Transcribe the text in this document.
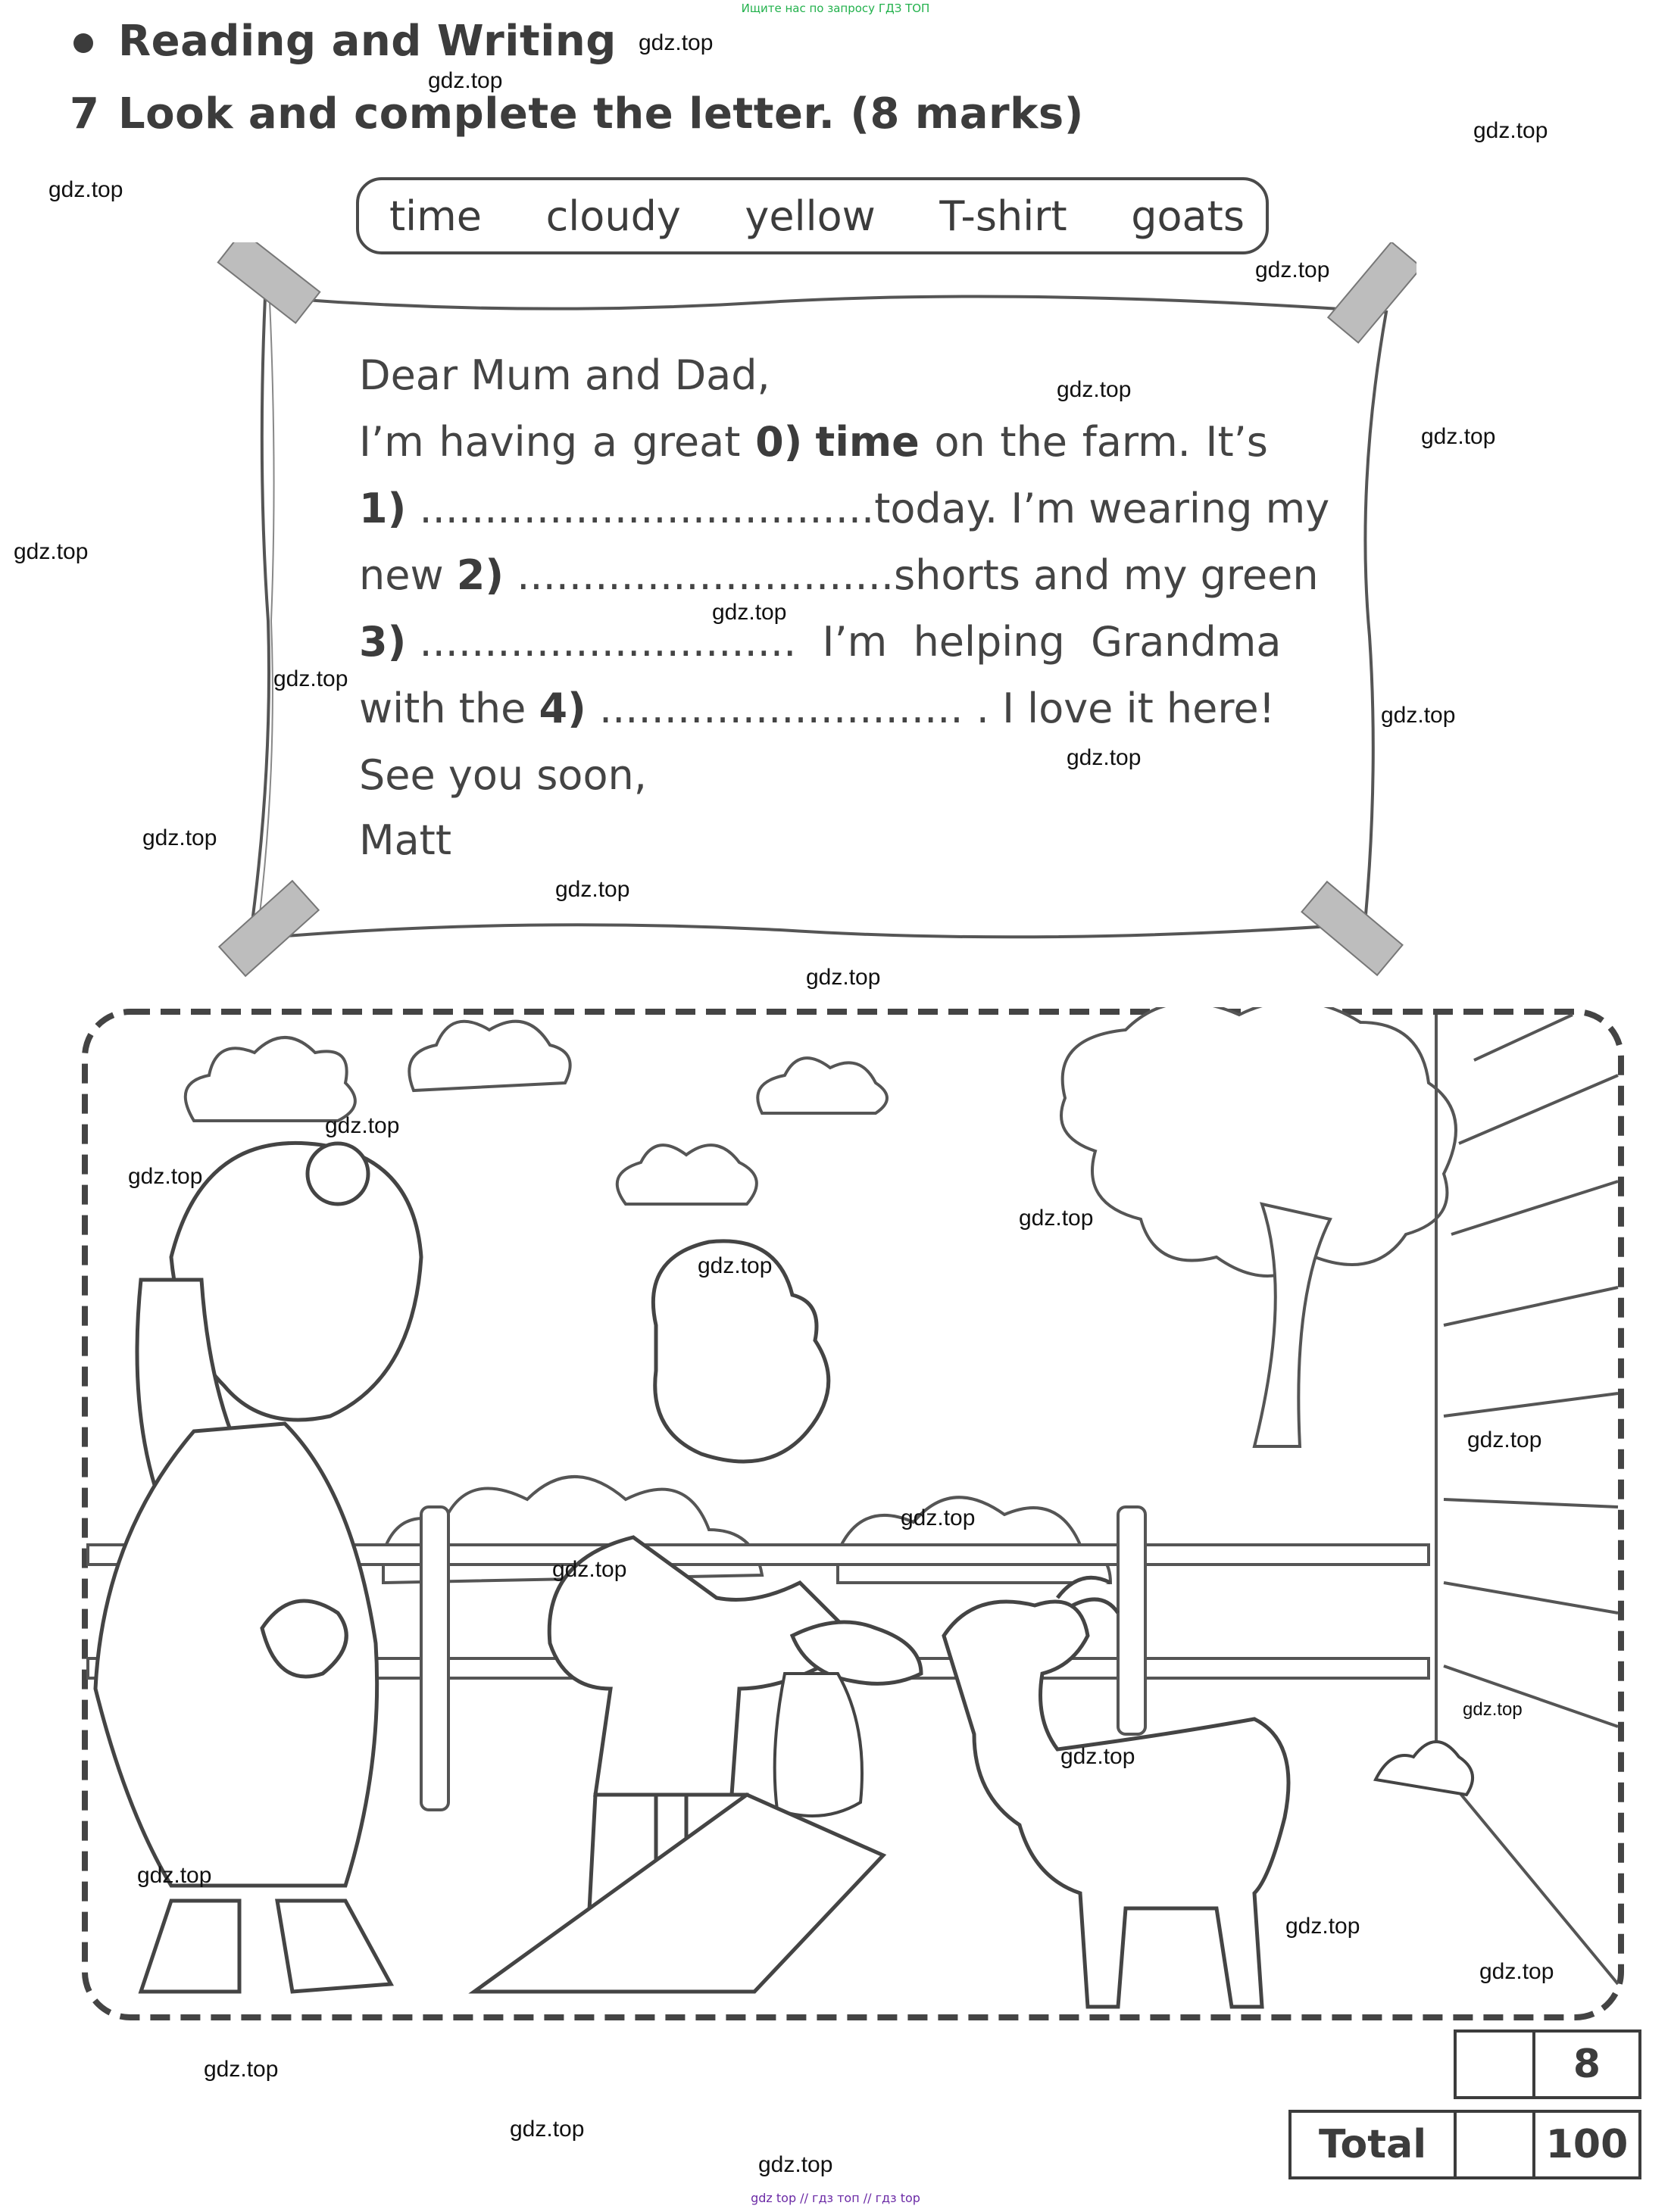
Ищите нас по запросу ГДЗ ТОП
Reading and Writing
7 Look and complete the letter. (8 marks)
time cloudy yellow T-shirt goats
Dear Mum and Dad,
I’m having a great 0) time on the farm. It’s
1) ................................... today. I’m wearing my
new 2) ............................. shorts and my green
3) ............................ .  I’m  helping  Grandma
with the 4) ............................ . I love it here!
See you soon,
Matt
8
Total	100
gdz.top
gdz.top
gdz.top
gdz.top
gdz.top
gdz.top
gdz.top
gdz.top
gdz.top
gdz.top
gdz.top
gdz.top
gdz.top
gdz.top
gdz.top
gdz.top
gdz.top
gdz.top
gdz.top
gdz.top
gdz.top
gdz.top
gdz.top
gdz.top
gdz.top
gdz.top
gdz.top
gdz.top
gdz.top
gdz.top
gdz top // гдз топ // гдз top
